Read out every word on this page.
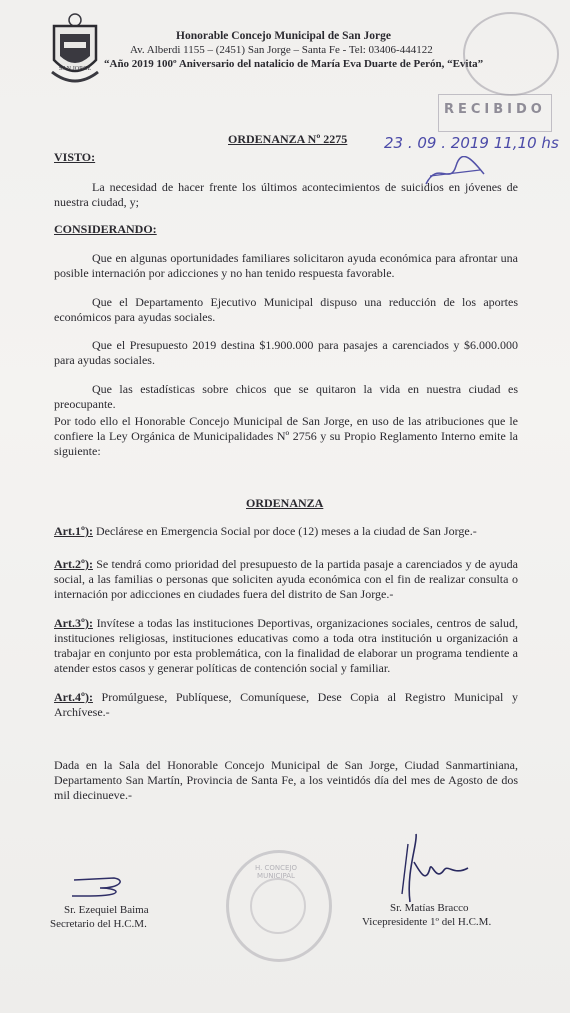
SAN JORGE
Honorable Concejo Municipal de San Jorge
Av. Alberdi 1155 – (2451) San Jorge – Santa Fe - Tel: 03406-444122
“Año 2019 100º Aniversario del natalicio de María Eva Duarte de Perón, “Evita”
RECIBIDO
23 . 09 . 2019 11,10 hs
ORDENANZA Nº 2275
VISTO:
La necesidad de hacer frente los últimos acontecimientos de suicidios en jóvenes de nuestra ciudad, y;
CONSIDERANDO:
Que en algunas oportunidades familiares solicitaron ayuda económica para afrontar una posible internación por adicciones y no han tenido respuesta favorable.
Que el Departamento Ejecutivo Municipal dispuso una reducción de los aportes económicos para ayudas sociales.
Que el Presupuesto 2019 destina $1.900.000 para pasajes a carenciados y $6.000.000 para ayudas sociales.
Que las estadísticas sobre chicos que se quitaron la vida en nuestra ciudad es preocupante.
Por todo ello el Honorable Concejo Municipal de San Jorge, en uso de las atribuciones que le confiere la Ley Orgánica de Municipalidades Nº 2756 y su Propio Reglamento Interno emite la siguiente:
ORDENANZA
Art.1º): Declárese en Emergencia Social por doce (12) meses a la ciudad de San Jorge.-
Art.2º): Se tendrá como prioridad del presupuesto de la partida pasaje a carenciados y de ayuda social, a las familias o personas que soliciten ayuda económica con el fin de realizar consulta o internación por adicciones en ciudades fuera del distrito de San Jorge.-
Art.3º): Invítese a todas las instituciones Deportivas, organizaciones sociales, centros de salud, instituciones religiosas, instituciones educativas como a toda otra institución u organización a trabajar en conjunto por esta problemática, con la finalidad de elaborar un programa tendiente a atender estos casos y generar políticas de contención social y familiar.
Art.4º): Promúlguese, Publíquese, Comuníquese, Dese Copia al Registro Municipal y Archívese.-
Dada en la Sala del Honorable Concejo Municipal de San Jorge, Ciudad Sanmartiniana, Departamento San Martín, Provincia de Santa Fe, a los veintidós día del mes de Agosto de dos mil diecinueve.-
H. CONCEJO MUNICIPAL
Sr. Ezequiel Baima
Secretario del H.C.M.
Sr. Matías Bracco
Vicepresidente 1º del H.C.M.
